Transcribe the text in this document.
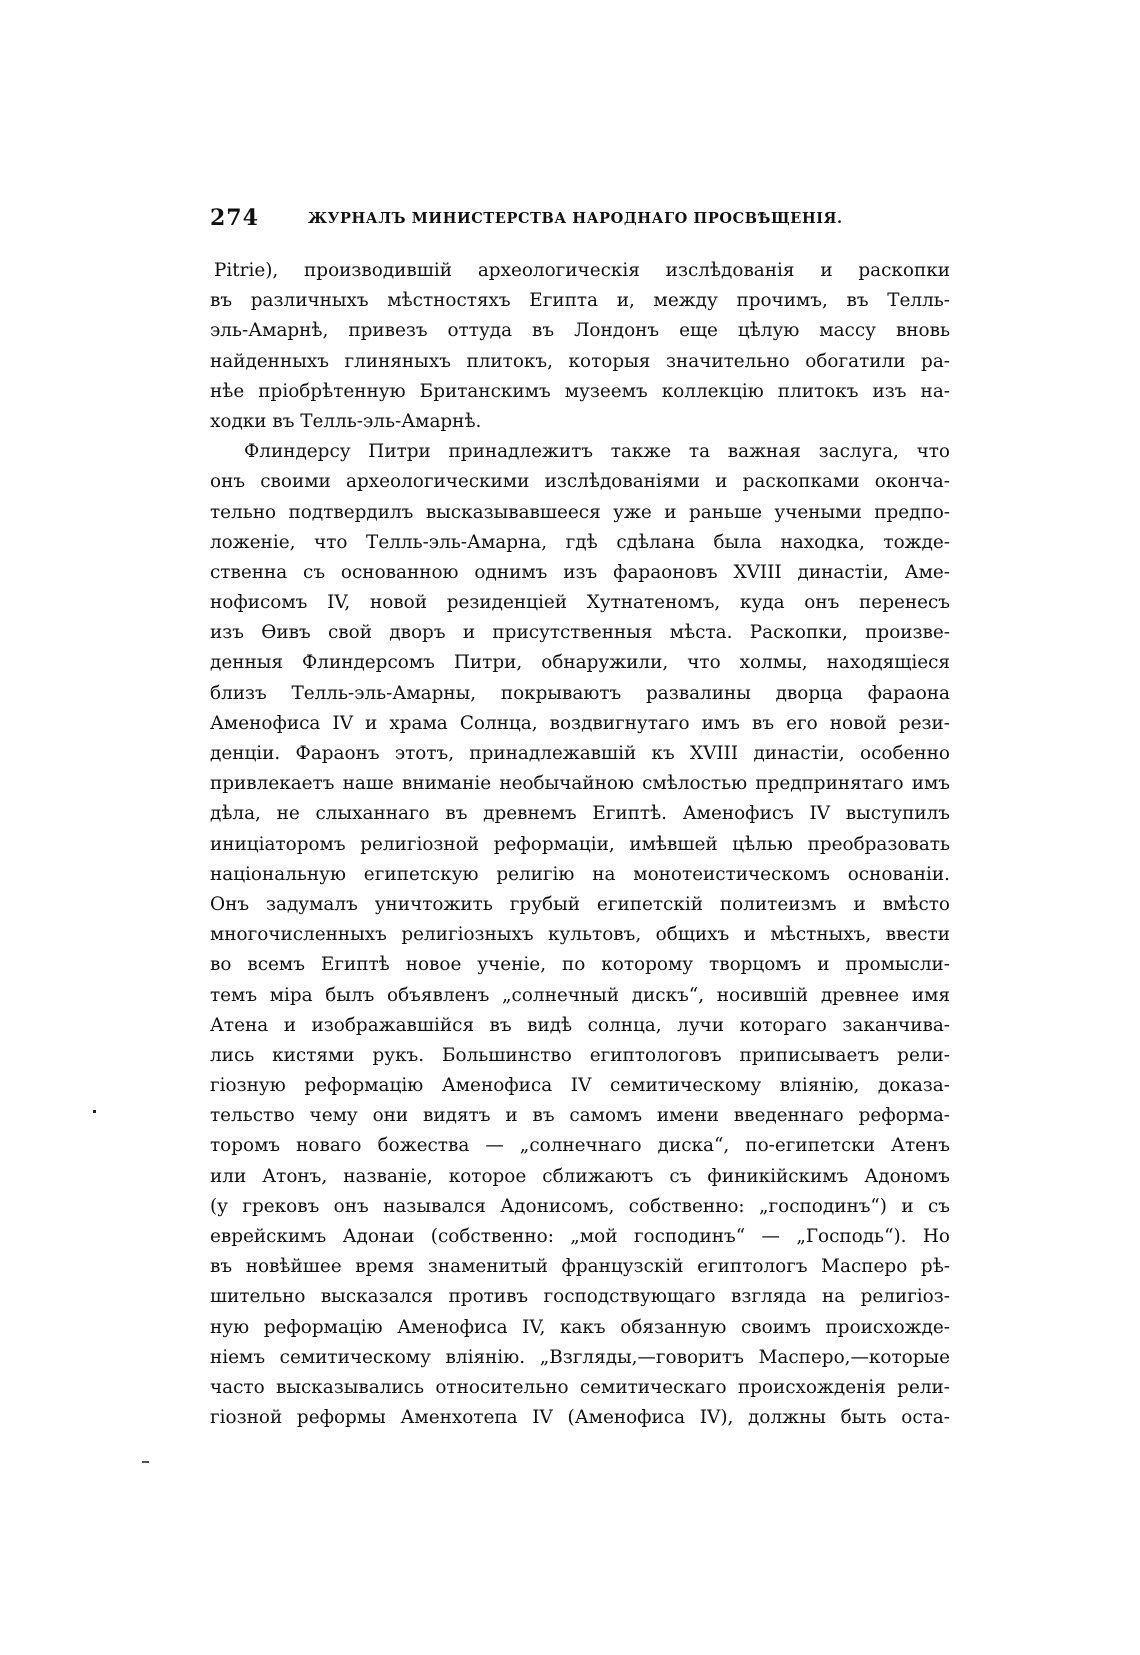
274	ЖУРНАЛЪ МИНИСТЕРСТВА НАРОДНАГО ПРОСВѢЩЕНІЯ.
Pitrie), производившій археологическія изслѣдованія и раскопки
въ различныхъ мѣстностяхъ Египта и, между прочимъ, въ Телль-
эль-Амарнѣ, привезъ оттуда въ Лондонъ еще цѣлую массу вновь
найденныхъ глиняныхъ плитокъ, которыя значительно обогатили ра-
нѣе пріобрѣтенную Британскимъ музеемъ коллекцію плитокъ изъ на-
ходки въ Телль-эль-Амарнѣ.
Флиндерсу Питри принадлежитъ также та важная заслуга, что
онъ своими археологическими изслѣдованіями и раскопками оконча-
тельно подтвердилъ высказывавшееся уже и раньше учеными предпо-
ложеніе, что Телль-эль-Амарна, гдѣ сдѣлана была находка, тожде-
ственна съ основанною однимъ изъ фараоновъ XVIII династіи, Аме-
нофисомъ IV, новой резиденціей Хутнатеномъ, куда онъ перенесъ
изъ Ѳивъ свой дворъ и присутственныя мѣста. Раскопки, произве-
денныя Флиндерсомъ Питри, обнаружили, что холмы, находящіеся
близъ Телль-эль-Амарны, покрываютъ развалины дворца фараона
Аменофиса IV и храма Солнца, воздвигнутаго имъ въ его новой рези-
денціи. Фараонъ этотъ, принадлежавшій къ XVIII династіи, особенно
привлекаетъ наше вниманіе необычайною смѣлостью предпринятаго имъ
дѣла, не слыханнаго въ древнемъ Египтѣ. Аменофисъ IV выступилъ
иниціаторомъ религіозной реформаціи, имѣвшей цѣлью преобразовать
національную египетскую религію на монотеистическомъ основаніи.
Онъ задумалъ уничтожить грубый египетскій политеизмъ и вмѣсто
многочисленныхъ религіозныхъ культовъ, общихъ и мѣстныхъ, ввести
во всемъ Египтѣ новое ученіе, по которому творцомъ и промысли-
темъ міра былъ объявленъ „солнечный дискъ“, носившій древнее имя
Атена и изображавшійся въ видѣ солнца, лучи котораго заканчива-
лись кистями рукъ. Большинство египтологовъ приписываетъ рели-
гіозную реформацію Аменофиса IV семитическому вліянію, доказа-
тельство чему они видятъ и въ самомъ имени введеннаго реформа-
торомъ новаго божества — „солнечнаго диска“, по-египетски Атенъ
или Атонъ, названіе, которое сближаютъ съ финикійскимъ Адономъ
(у грековъ онъ назывался Адонисомъ, собственно: „господинъ“) и съ
еврейскимъ Адонаи (собственно: „мой господинъ“ — „Господь“). Но
въ новѣйшее время знаменитый французскій египтологъ Масперо рѣ-
шительно высказался противъ господствующаго взгляда на религіоз-
ную реформацію Аменофиса IV, какъ обязанную своимъ происхожде-
ніемъ семитическому вліянію. „Взгляды,—говоритъ Масперо,—которые
часто высказывались относительно семитическаго происхожденія рели-
гіозной реформы Аменхотепа IV (Аменофиса IV), должны быть оста-
